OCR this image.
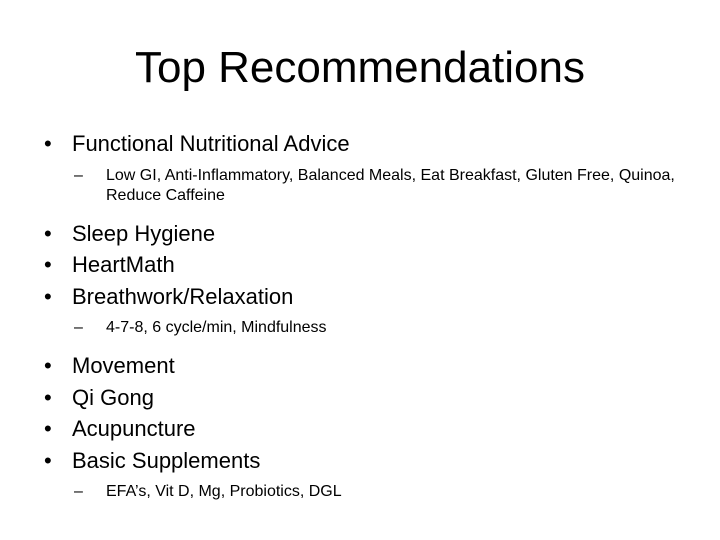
Top Recommendations
• Functional Nutritional Advice
– Low GI, Anti-Inflammatory, Balanced Meals, Eat Breakfast, Gluten Free, Quinoa, Reduce Caffeine
• Sleep Hygiene
• HeartMath
• Breathwork/Relaxation
– 4-7-8, 6 cycle/min, Mindfulness
• Movement
• Qi Gong
• Acupuncture
• Basic Supplements
– EFA’s, Vit D, Mg, Probiotics, DGL
